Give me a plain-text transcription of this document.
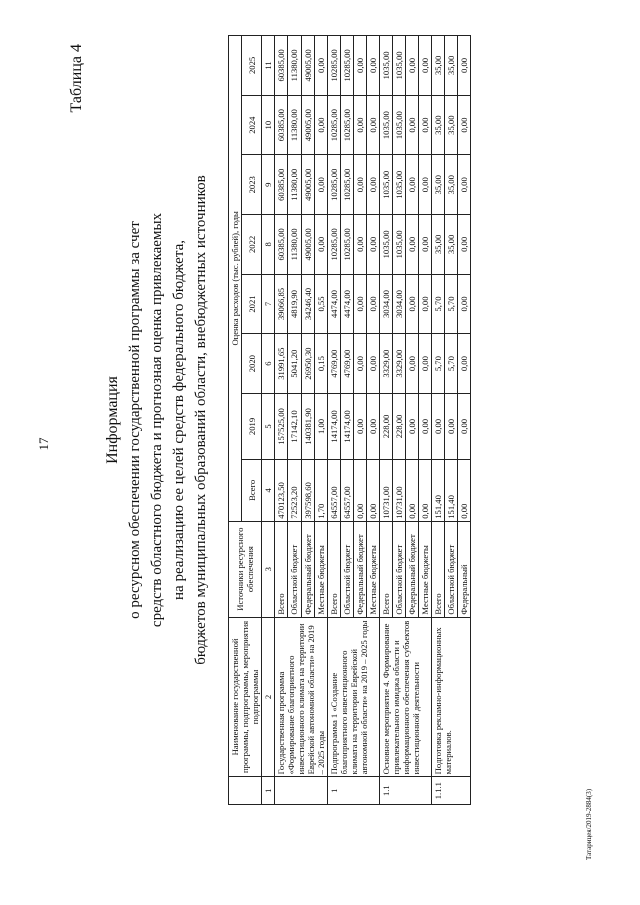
17
Таблица 4
Информация о ресурсном обеспечении государственной программы за счет средств областного бюджета и прогнозная оценка привлекаемых на реализацию ее целей средств федерального бюджета, бюджетов муниципальных образований области, внебюджетных источников
	Наименование государственной программы, подпрограммы, мероприятия подпрограммы	Источники ресурсного обеспечения	Оценка расходов (тыс. рублей), годы							
			Всего	2019	2020	2021	2022	2023	2024	2025

1	2	3	4	5	6	7	8	9	10	11
	Государственная программа «Формирование благоприятного инвестиционного климата на территории Еврейской автономной области» на 2019 – 2025 годы	Всего	470123,50	157525,00	31991,65	39066,85	60385,00	60385,00	60385,00	60385,00
		Областной бюджет	72523,20	17142,10	5041,20	4819,90	11380,00	11380,00	11380,00	11380,00
		Федеральный бюджет	397598,60	140381,90	26950,30	34246,40	49005,00	49005,00	49005,00	49005,00
		Местные бюджеты	1,70	1,00	0,15	0,55	0,00	0,00	0,00	0,00
1	Подпрограмма 1 «Создание благоприятного инвестиционного климата на территории Еврейской автономной области» на 2019 – 2025 годы	Всего	64557,00	14174,00	4769,00	4474,00	10285,00	10285,00	10285,00	10285,00
		Областной бюджет	64557,00	14174,00	4769,00	4474,00	10285,00	10285,00	10285,00	10285,00
		Федеральный бюджет	0,00	0,00	0,00	0,00	0,00	0,00	0,00	0,00
		Местные бюджеты	0,00	0,00	0,00	0,00	0,00	0,00	0,00	0,00
1.1	Основное мероприятие 4. Формирование привлекательного имиджа области и информационного обеспечения субъектов инвестиционной деятельности	Всего	10731,00	228,00	3329,00	3034,00	1035,00	1035,00	1035,00	1035,00
		Областной бюджет	10731,00	228,00	3329,00	3034,00	1035,00	1035,00	1035,00	1035,00
		Федеральный бюджет	0,00	0,00	0,00	0,00	0,00	0,00	0,00	0,00
		Местные бюджеты	0,00	0,00	0,00	0,00	0,00	0,00	0,00	0,00
1.1.1	Подготовка рекламно-информационных материалов.	Всего	151,40	0,00	5,70	5,70	35,00	35,00	35,00	35,00
		Областной бюджет	151,40	0,00	5,70	5,70	35,00	35,00	35,00	35,00
		Федеральный	0,00	0,00	0,00	0,00	0,00	0,00	0,00	0,00
Татарицея/2019-2884(3)
